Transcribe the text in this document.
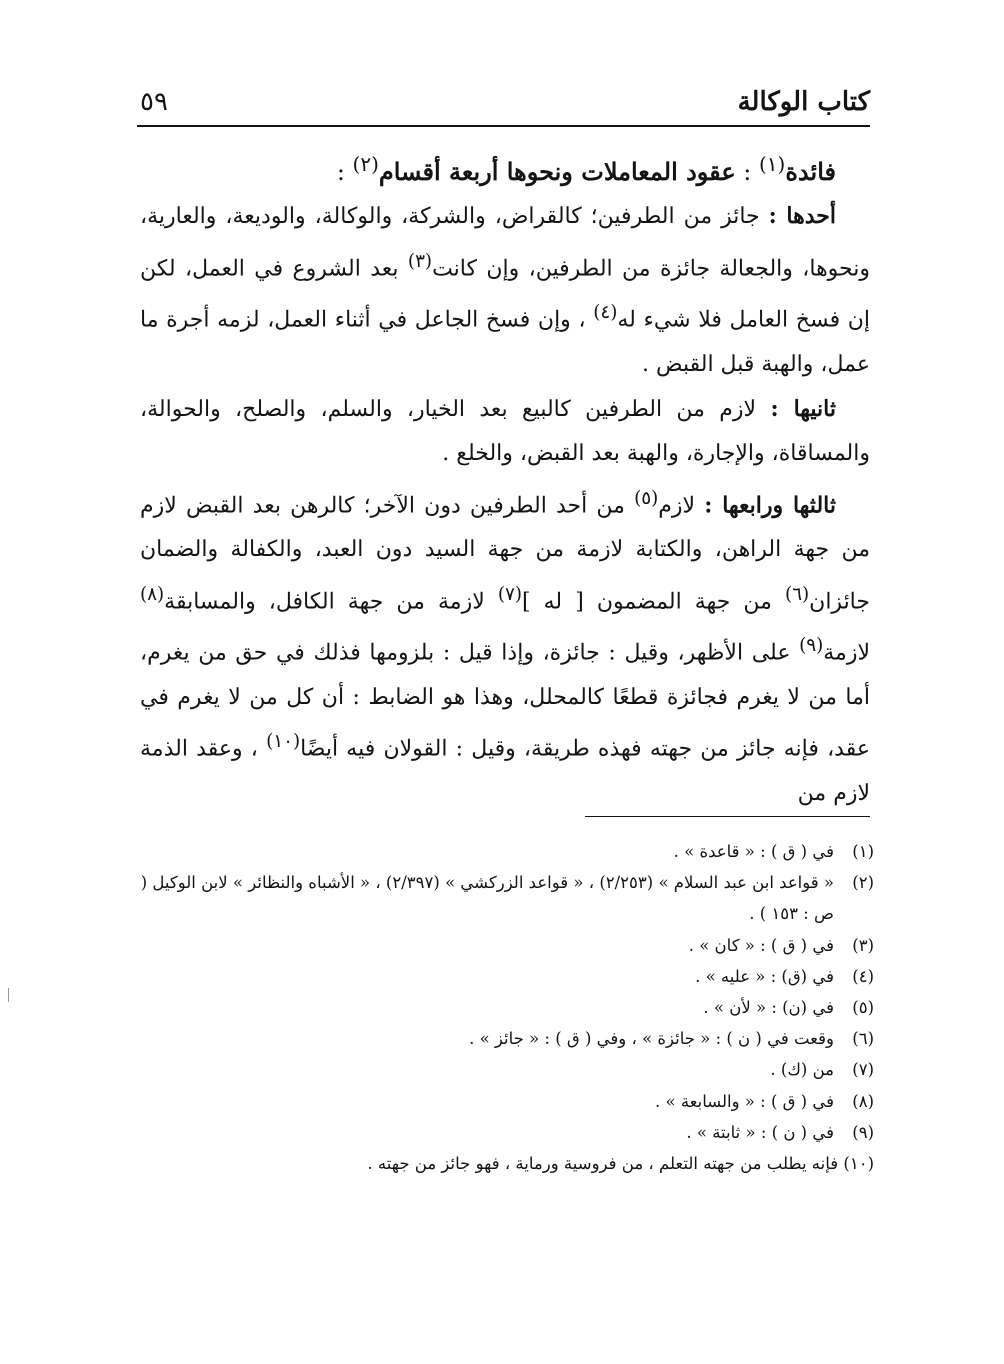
كتاب الوكالة
٥٩

فائدة$^{(١)}$ : عقود المعاملات ونحوها أربعة أقسام$^{(٢)}$ :

أحدها : جائز من الطرفين؛ كالقراض، والشركة، والوكالة، والوديعة، والعارية، ونحوها، والجعالة جائزة من الطرفين، وإن كانت$^{(٣)}$ بعد الشروع في العمل، لكن إن فسخ العامل فلا شيء له$^{(٤)}$ ، وإن فسخ الجاعل في أثناء العمل، لزمه أجرة ما عمل، والهبة قبل القبض .

ثانيها : لازم من الطرفين كالبيع بعد الخيار، والسلم، والصلح، والحوالة، والمساقاة، والإجارة، والهبة بعد القبض، والخلع .

ثالثها ورابعها : لازم$^{(٥)}$ من أحد الطرفين دون الآخر؛ كالرهن بعد القبض لازم من جهة الراهن، والكتابة لازمة من جهة السيد دون العبد، والكفالة والضمان جائزان$^{(٦)}$ من جهة المضمون [ له ]$^{(٧)}$ لازمة من جهة الكافل، والمسابقة$^{(٨)}$ لازمة$^{(٩)}$ على الأظهر، وقيل : جائزة، وإذا قيل : بلزومها فذلك في حق من يغرم، أما من لا يغرم فجائزة قطعًا كالمحلل، وهذا هو الضابط : أن كل من لا يغرم في عقد، فإنه جائز من جهته فهذه طريقة، وقيل : القولان فيه أيضًا$^{(١٠)}$ ، وعقد الذمة لازم من

(١)
في ( ق ) : « قاعدة » .
(٢)
« قواعد ابن عبد السلام » (٢/٢٥٣) ، « قواعد الزركشي » (٢/٣٩٧) ، « الأشباه والنظائر » لابن الوكيل ( ص : ١٥٣ ) .
(٣)
في ( ق ) : « كان » .
(٤)
في (ق) : « عليه » .
(٥)
في (ن) : « لأن » .
(٦)
وقعت في ( ن ) : « جائزة » ، وفي ( ق ) : « جائز » .
(٧)
من (ك) .
(٨)
في ( ق ) : « والسابعة » .
(٩)
في ( ن ) : « ثابتة » .
(١٠) فإنه يطلب من جهته التعلم ، من فروسية ورماية ، فهو جائز من جهته .
